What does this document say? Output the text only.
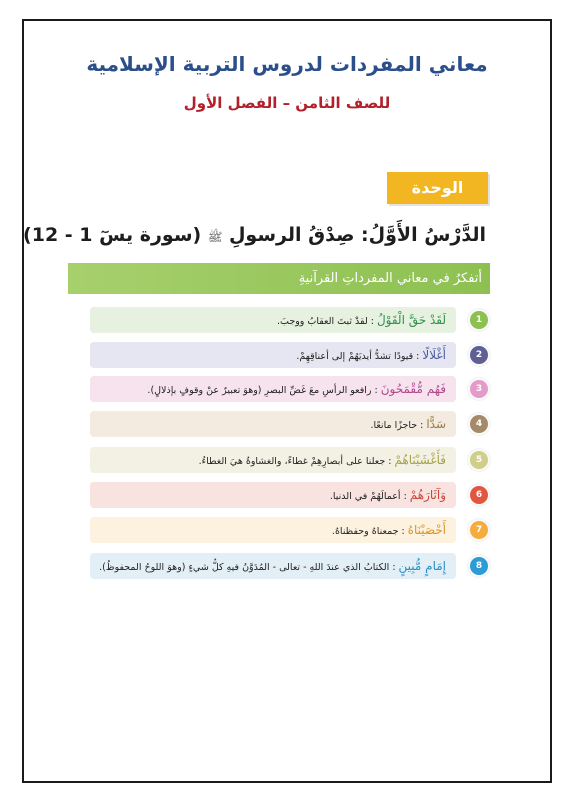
معاني المفردات لدروس التربية الإسلامية
للصف الثامن – الفصل الأول
الوحدة الأولى
الدَّرْسُ الأَوَّلُ: صِدْقُ الرسولِ ﷺ (سورة يسٓ 1 - 12)
أتفكرُ في معاني المفرداتِ القرآنيةِ
لَقَدْ حَقَّ الْقَوْلُ:لقدْ ثبتَ العقابُ ووجبَ.	1
أَغْلَالًا:قيودًا تشدُّ أيديَهُمْ إلى أعناقِهِمْ.	2
فَهُم مُّقْمَحُونَ:رافعو الرأسِ معَ غَضِّ البصرِ (وهوَ تعبيرٌ عنْ وقوفٍ بإذلالٍ).	3
سَدًّا:حاجزًا مانعًا.	4
فَأَغْشَيْنَاهُمْ:جعلنا على أبصارِهِمْ غطاءً، والغشاوةُ هيَ الغطاءُ.	5
وَآثَارَهُمْ:أعمالَهُمْ في الدنيا.	6
أَحْصَيْنَاهُ:جمعناهُ وحفظناهُ.	7
إِمَامٍ مُّبِينٍ:الكتابُ الذي عندَ اللهِ - تعالى - المُدَوَّنُ فيهِ كلُّ شيءٍ (وهوَ اللوحُ المحفوظُ).	8
